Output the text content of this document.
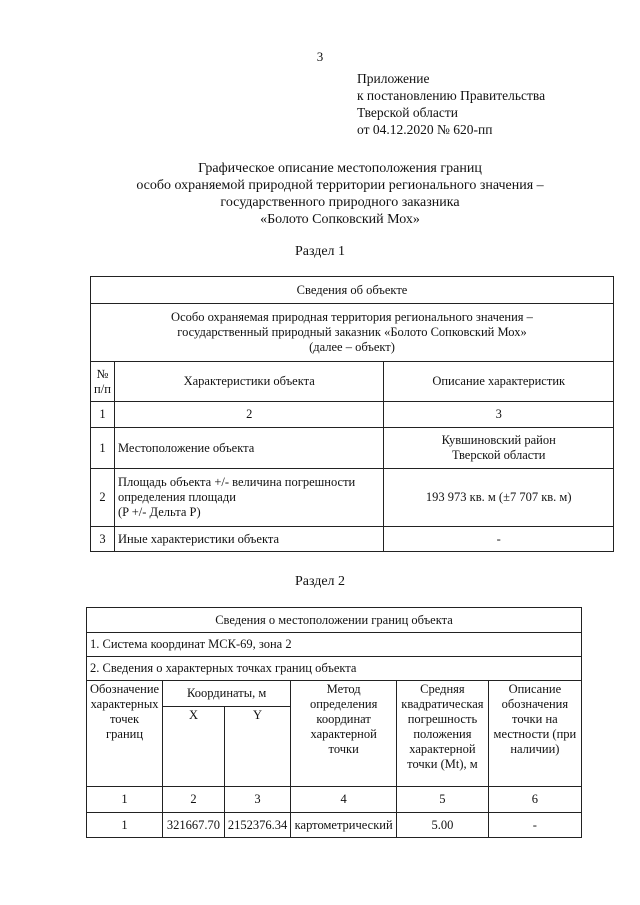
3
Приложение
к постановлению Правительства
Тверской области
от 04.12.2020 № 620-пп
Графическое описание местоположения границ
особо охраняемой природной территории регионального значения –
государственного природного заказника
«Болото Сопковский Мох»
Раздел 1
Сведения об объекте		

Особо охраняемая природная территория регионального значения –
государственный природный заказник «Болото Сопковский Мох»
(далее – объект)		

№ п/п	Характеристики объекта	Описание характеристик
1	2	3
1	Местоположение объекта	Кувшиновский район
Тверской области

2	Площадь объекта +/- величина погрешности
определения площади
(P +/- Дельта P)	193 973 кв. м (±7 707 кв. м)
3	Иные характеристики объекта	-
Раздел 2
Сведения о местоположении границ объекта					
1. Система координат МСК-69, зона 2					
2. Сведения о характерных точках границ объекта					
Обозначение характерных точек границ	Координаты, м		Метод определения координат характерной точки	Средняя квадратическая погрешность положения характерной точки (Mt), м	Описание обозначения точки на местности (при наличии)
	X	Y			
1	2	3	4	5	6
1	321667.70	2152376.34	картометрический	5.00	-
